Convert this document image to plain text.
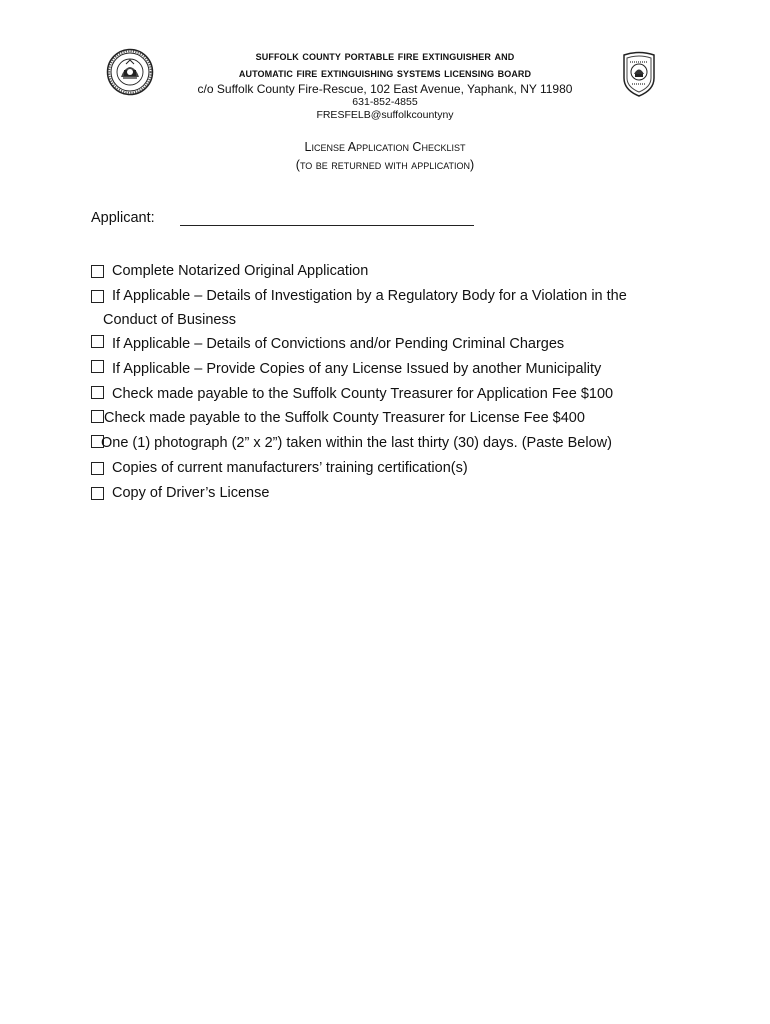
suffolk county portable fire extinguisher and
automatic fire extinguishing systems licensing board
c/o Suffolk County Fire-Rescue, 102 East Avenue, Yaphank, NY 11980
631-852-4855
FRESFELB@suffolkcountyny
License Application Checklist
(to be returned with application)
Applicant:
Complete Notarized Original Application
If Applicable – Details of Investigation by a Regulatory Body for a Violation in the
Conduct of Business
If Applicable – Details of Convictions and/or Pending Criminal Charges
If Applicable – Provide Copies of any License Issued by another Municipality
Check made payable to the Suffolk County Treasurer for Application Fee $100
Check made payable to the Suffolk County Treasurer for License Fee $400
One (1) photograph (2” x 2”) taken within the last thirty (30) days. (Paste Below)
Copies of current manufacturers’ training certification(s)
Copy of Driver’s License
